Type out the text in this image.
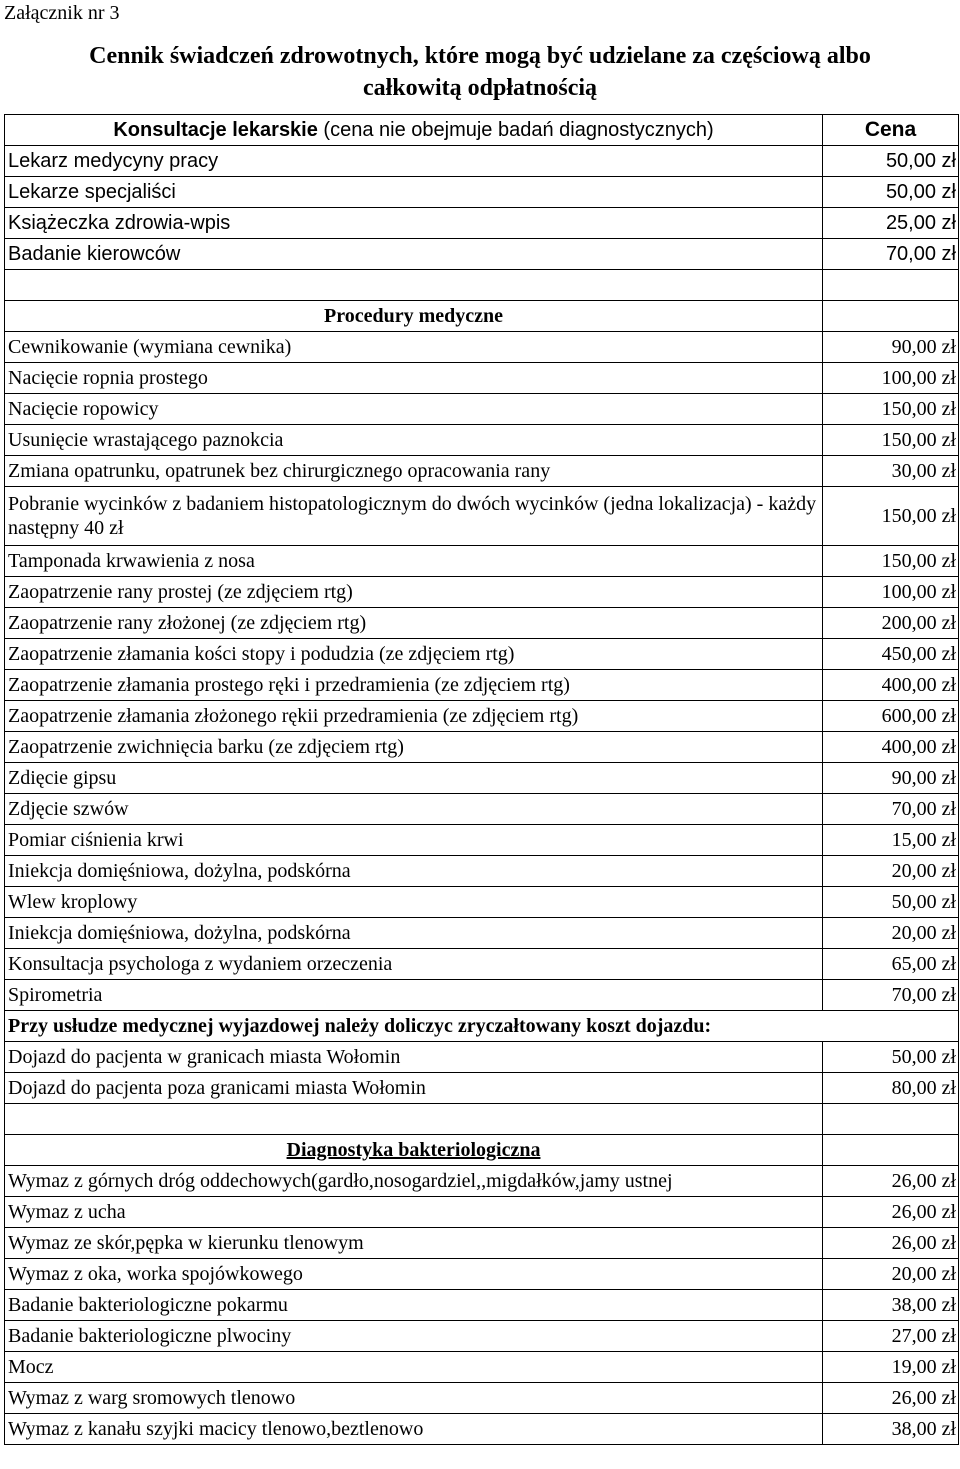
Załącznik nr 3
Cennik świadczeń zdrowotnych, które mogą być udzielane za częściową albo
całkowitą odpłatnością
Konsultacje lekarskie (cena nie obejmuje badań diagnostycznych)	Cena
Lekarz medycyny pracy	50,00 zł
Lekarze specjaliści	50,00 zł
Książeczka zdrowia-wpis	25,00 zł
Badanie kierowców	70,00 zł

Procedury medyczne	
Cewnikowanie (wymiana cewnika)	90,00 zł
Nacięcie ropnia prostego	100,00 zł
Nacięcie ropowicy	150,00 zł
Usunięcie wrastającego paznokcia	150,00 zł
Zmiana opatrunku, opatrunek bez chirurgicznego opracowania rany	30,00 zł
Pobranie wycinków z badaniem histopatologicznym do dwóch wycinków (jedna lokalizacja) - każdy następny 40 zł	150,00 zł
Tamponada krwawienia z nosa	150,00 zł
Zaopatrzenie rany prostej (ze zdjęciem rtg)	100,00 zł
Zaopatrzenie rany złożonej (ze zdjęciem rtg)	200,00 zł
Zaopatrzenie złamania kości stopy i podudzia (ze zdjęciem rtg)	450,00 zł
Zaopatrzenie złamania prostego ręki i przedramienia (ze zdjęciem rtg)	400,00 zł
Zaopatrzenie złamania złożonego rękii przedramienia (ze zdjęciem rtg)	600,00 zł
Zaopatrzenie zwichnięcia barku (ze zdjęciem rtg)	400,00 zł
Zdięcie gipsu	90,00 zł
Zdjęcie szwów	70,00 zł
Pomiar ciśnienia krwi	15,00 zł
Iniekcja domięśniowa, dożylna, podskórna	20,00 zł
Wlew kroplowy	50,00 zł
Iniekcja domięśniowa, dożylna, podskórna	20,00 zł
Konsultacja psychologa z wydaniem orzeczenia	65,00 zł
Spirometria	70,00 zł
Przy usłudze medycznej wyjazdowej należy doliczyc zryczałtowany koszt dojazdu:	
Dojazd do pacjenta w granicach miasta Wołomin	50,00 zł
Dojazd do pacjenta poza granicami miasta Wołomin	80,00 zł

Diagnostyka bakteriologiczna	
Wymaz z górnych dróg oddechowych(gardło,nosogardziel,,migdałków,jamy ustnej	26,00 zł
Wymaz z ucha	26,00 zł
Wymaz ze skór,pępka w kierunku tlenowym	26,00 zł
Wymaz z oka, worka spojówkowego	20,00 zł
Badanie bakteriologiczne pokarmu	38,00 zł
Badanie bakteriologiczne plwociny	27,00 zł
Mocz	19,00 zł
Wymaz z warg sromowych tlenowo	26,00 zł
Wymaz z kanału szyjki macicy tlenowo,beztlenowo	38,00 zł
